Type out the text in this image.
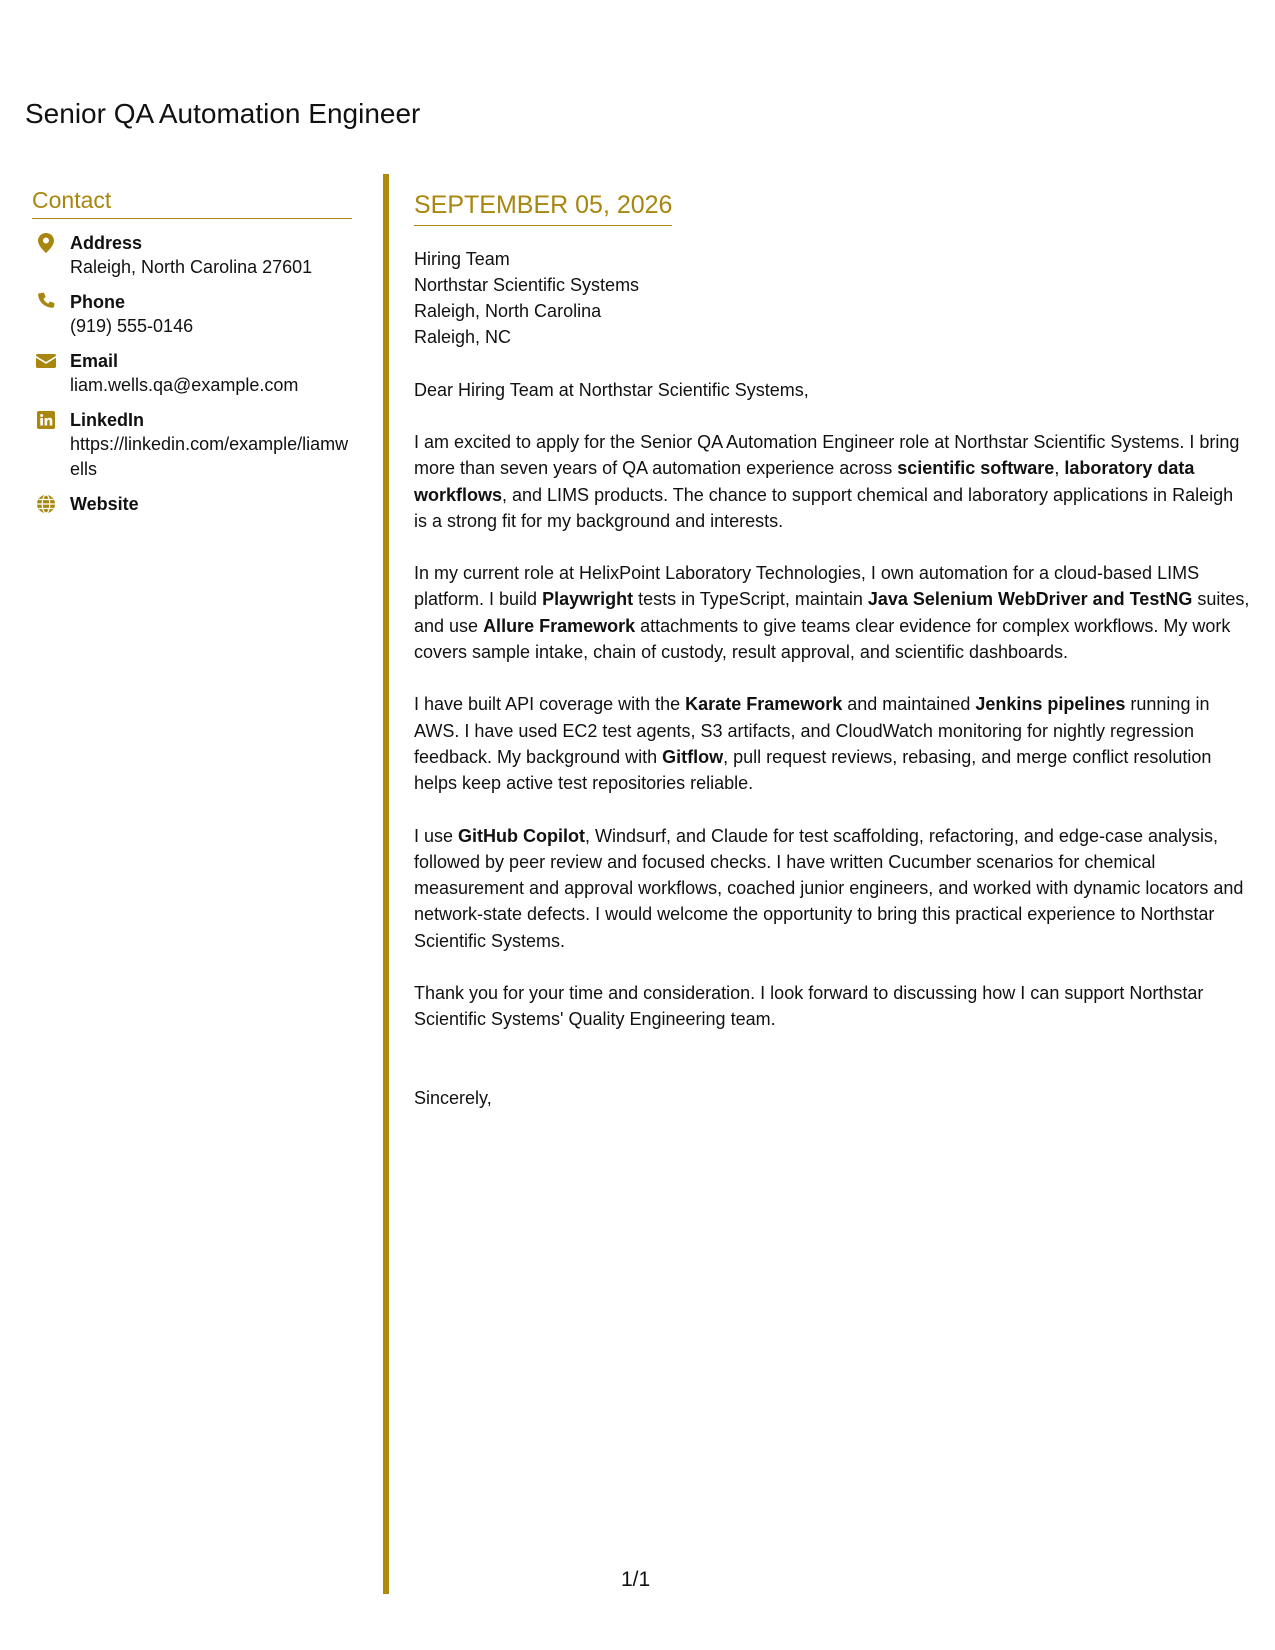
Senior QA Automation Engineer
Contact
Address
Raleigh, North Carolina 27601
Phone
(919) 555-0146
Email
liam.wells.qa@example.com
LinkedIn
https://linkedin.com/example/liamwells
Website
SEPTEMBER 05, 2026
Hiring Team
Northstar Scientific Systems
Raleigh, North Carolina
Raleigh, NC
Dear Hiring Team at Northstar Scientific Systems,
I am excited to apply for the Senior QA Automation Engineer role at Northstar Scientific Systems. I bring more than seven years of QA automation experience across scientific software, laboratory data workflows, and LIMS products. The chance to support chemical and laboratory applications in Raleigh is a strong fit for my background and interests.
In my current role at HelixPoint Laboratory Technologies, I own automation for a cloud-based LIMS platform. I build Playwright tests in TypeScript, maintain Java Selenium WebDriver and TestNG suites, and use Allure Framework attachments to give teams clear evidence for complex workflows. My work covers sample intake, chain of custody, result approval, and scientific dashboards.
I have built API coverage with the Karate Framework and maintained Jenkins pipelines running in AWS. I have used EC2 test agents, S3 artifacts, and CloudWatch monitoring for nightly regression feedback. My background with Gitflow, pull request reviews, rebasing, and merge conflict resolution helps keep active test repositories reliable.
I use GitHub Copilot, Windsurf, and Claude for test scaffolding, refactoring, and edge-case analysis, followed by peer review and focused checks. I have written Cucumber scenarios for chemical measurement and approval workflows, coached junior engineers, and worked with dynamic locators and network-state defects. I would welcome the opportunity to bring this practical experience to Northstar Scientific Systems.
Thank you for your time and consideration. I look forward to discussing how I can support Northstar Scientific Systems' Quality Engineering team.
Sincerely,
1/1
